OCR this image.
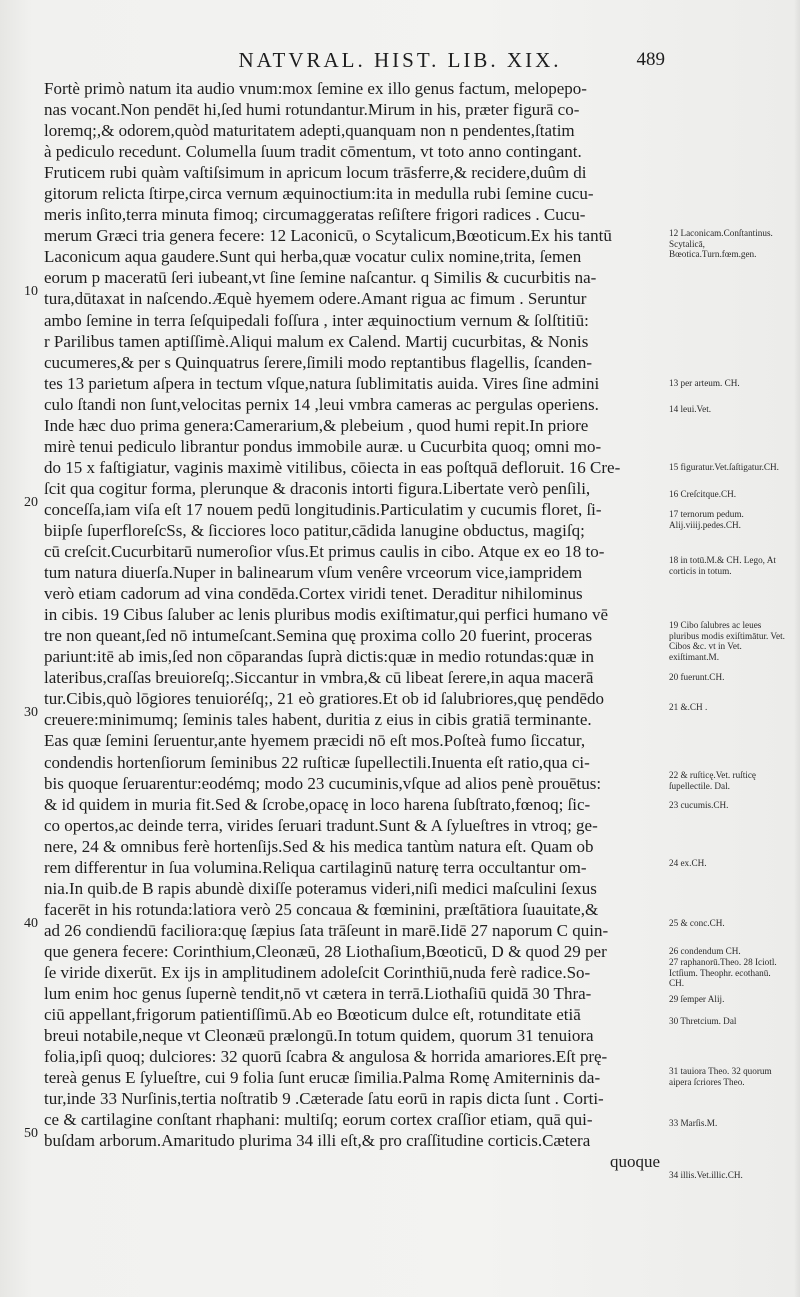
NATVRAL. HIST. LIB. XIX.	489
10
20
30
40
50
Fortè primò natum ita audio vnum:mox ſemine ex illo genus factum, melopepo-
nas vocant.Non pendēt hi,ſed humi rotundantur.Mirum in his, præter figurā co-
loremq;,& odorem,quòd maturitatem adepti,quanquam non n pendentes,ſtatim
à pediculo recedunt. Columella ſuum tradit cōmentum, vt toto anno contingant.
Fruticem rubi quàm vaſtiſsimum in apricum locum trāsferre,& recidere,duûm di
gitorum relicta ſtirpe,circa vernum æquinoctium:ita in medulla rubi ſemine cucu-
meris inſito,terra minuta fimoq; circumaggeratas reſiſtere frigori radices . Cucu-
merum Græci tria genera fecere: 12 Laconicū, o Scytalicum,Bœoticum.Ex his tantū
Laconicum aqua gaudere.Sunt qui herba,quæ vocatur culix nomine,trita, ſemen
eorum p maceratū ſeri iubeant,vt ſine ſemine naſcantur. q Similis & cucurbitis na-
tura,dūtaxat in naſcendo.Æquè hyemem odere.Amant rigua ac fimum . Seruntur
ambo ſemine in terra ſeſquipedali foſſura , inter æquinoctium vernum & ſolſtitiū:
r Parilibus tamen aptiſſimè.Aliqui malum ex Calend. Martij cucurbitas, & Nonis
cucumeres,& per s Quinquatrus ſerere,ſimili modo reptantibus flagellis, ſcanden-
tes 13 parietum aſpera in tectum vſque,natura ſublimitatis auida. Vires ſine admini
culo ſtandi non ſunt,velocitas pernix 14 ,leui vmbra cameras ac pergulas operiens.
Inde hæc duo prima genera:Camerarium,& plebeium , quod humi repit.In priore
mirè tenui pediculo librantur pondus immobile auræ. u Cucurbita quoq; omni mo-
do 15 x faſtigiatur, vaginis maximè vitilibus, cōiecta in eas poſtquā defloruit. 16 Cre-
ſcit qua cogitur forma, plerunque & draconis intorti figura.Libertate verò penſili,
conceſſa,iam viſa eſt 17 nouem pedū longitudinis.Particulatim y cucumis floret, ſi-
biipſe ſuperfloreſcSs, & ſicciores loco patitur,cādida lanugine obductus, magiſq;
cū creſcit.Cucurbitarū numeroſior vſus.Et primus caulis in cibo. Atque ex eo 18 to-
tum natura diuerſa.Nuper in balinearum vſum venêre vrceorum vice,iampridem
verò etiam cadorum ad vina condēda.Cortex viridi tenet. Deraditur nihilominus
in cibis. 19 Cibus ſaluber ac lenis pluribus modis exiſtimatur,qui perfici humano vē
tre non queant,ſed nō intumeſcant.Semina quę proxima collo 20 fuerint, proceras
pariunt:itē ab imis,ſed non cōparandas ſuprà dictis:quæ in medio rotundas:quæ in
lateribus,craſſas breuioreſq;.Siccantur in vmbra,& cū libeat ſerere,in aqua macerā
tur.Cibis,quò lōgiores tenuioréſq;, 21 eò gratiores.Et ob id ſalubriores,quę pendēdo
creuere:minimumq; ſeminis tales habent, duritia z eius in cibis gratiā terminante.
Eas quæ ſemini ſeruentur,ante hyemem præcidi nō eſt mos.Poſteà fumo ſiccatur,
condendis hortenſiorum ſeminibus 22 ruſticæ ſupellectili.Inuenta eſt ratio,qua ci-
bis quoque ſeruarentur:eodémq; modo 23 cucuminis,vſque ad alios penè prouētus:
& id quidem in muria fit.Sed & ſcrobe,opacę in loco harena ſubſtrato,fœnoq; ſic-
co opertos,ac deinde terra, virides ſeruari tradunt.Sunt & A ſylueſtres in vtroq; ge-
nere, 24 & omnibus ferè hortenſijs.Sed & his medica tantùm natura eſt. Quam ob
rem differentur in ſua volumina.Reliqua cartilaginū naturę terra occultantur om-
nia.In quib.de B rapis abundè dixiſſe poteramus videri,niſi medici maſculini ſexus
facerēt in his rotunda:latiora verò 25 concaua & fœminini, præſtātiora ſuauitate,&
ad 26 condiendū faciliora:quę ſæpius ſata trāſeunt in marē.Iidē 27 naporum C quin-
que genera fecere: Corinthium,Cleonæū, 28 Liothaſium,Bœoticū, D & quod 29 per
ſe viride dixerūt. Ex ijs in amplitudinem adoleſcit Corinthiū,nuda ferè radice.So-
lum enim hoc genus ſupernè tendit,nō vt cætera in terrā.Liothaſiū quidā 30 Thra-
ciū appellant,frigorum patientiſſimū.Ab eo Bœoticum dulce eſt, rotunditate etiā
breui notabile,neque vt Cleonæū prælongū.In totum quidem, quorum 31 tenuiora
folia,ipſi quoq; dulciores: 32 quorū ſcabra & angulosa & horrida amariores.Eſt prę-
tereà genus E ſylueſtre, cui 9 folia ſunt erucæ ſimilia.Palma Romę Amiterninis da-
tur,inde 33 Nurſinis,tertia noſtratib 9 .Cæterade ſatu eorū in rapis dicta ſunt . Corti-
ce & cartilagine conſtant rhaphani: multiſq; eorum cortex craſſior etiam, quā qui-
buſdam arborum.Amaritudo plurima 34 illi eſt,& pro craſſitudine corticis.Cætera
quoque
12 Laconicam.Conſtantinus. Scytalicā, Bœotica.Turn.fœm.gen.
13 per arteum. CH.
14 leui.Vet.
15 figuratur.Vet.ſaſtigatur.CH.
16 Creſcitque.CH.
17 ternorum pedum. Alij.viiij.pedes.CH.
18 in totū.M.& CH. Lego, At corticis in totum.
19 Cibo ſalubres ac leues pluribus modis exiſtimātur. Vet. Cibos &c. vt in Vet. exiſtimant.M.
20 fuerunt.CH.
21 &.CH .
22 & ruſticę.Vet. ruſticę ſupellectile. Dal.
23 cucumis.CH.
24 ex.CH.
25 & conc.CH.
26 condendum CH.
27 raphanorū.Theo. 28 Iciotl. Ictſium. Theophr. ecothanū. CH.
29 ſemper Alij.
30 Thretcium. Dal
31 tauiora Theo. 32 quorum aipera ſcriores Theo.
33 Marſis.M.
34 illis.Vet.illic.CH.
